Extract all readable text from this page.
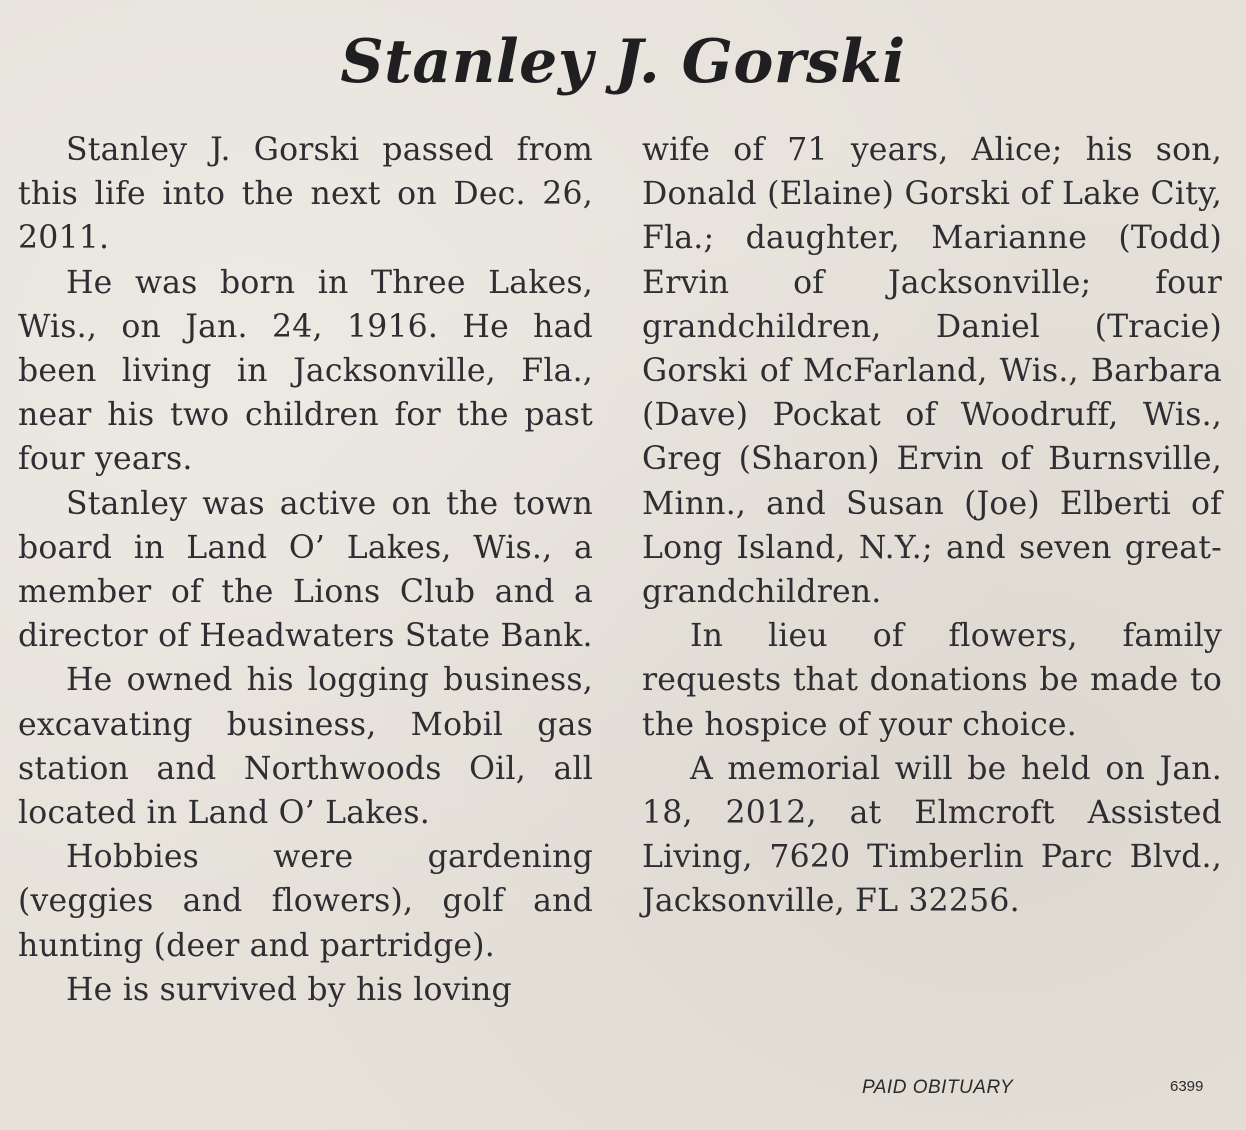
Stanley J. Gorski

Stanley J. Gorski passed from this life into the next on Dec. 26, 2011.

He was born in Three Lakes, Wis., on Jan. 24, 1916. He had been living in Jacksonville, Fla., near his two children for the past four years.

Stanley was active on the town board in Land O’ Lakes, Wis., a member of the Lions Club and a director of Headwaters State Bank.

He owned his logging business, excavating business, Mobil gas station and Northwoods Oil, all located in Land O’ Lakes.

Hobbies were gardening (veggies and flowers), golf and hunting (deer and partridge).

He is survived by his loving

wife of 71 years, Alice; his son, Donald (Elaine) Gorski of Lake City, Fla.; daughter, Marianne (Todd) Ervin of Jacksonville; four grandchildren, Daniel (Tracie) Gorski of McFarland, Wis., Barbara (Dave) Pockat of Woodruff, Wis., Greg (Sharon) Ervin of Burnsville, Minn., and Susan (Joe) Elberti of Long Island, N.Y.; and seven great-grandchildren.

In lieu of flowers, family requests that donations be made to the hospice of your choice.

A memorial will be held on Jan. 18, 2012, at Elmcroft Assisted Living, 7620 Timberlin Parc Blvd., Jacksonville, FL 32256.

PAID OBITUARY	6399
